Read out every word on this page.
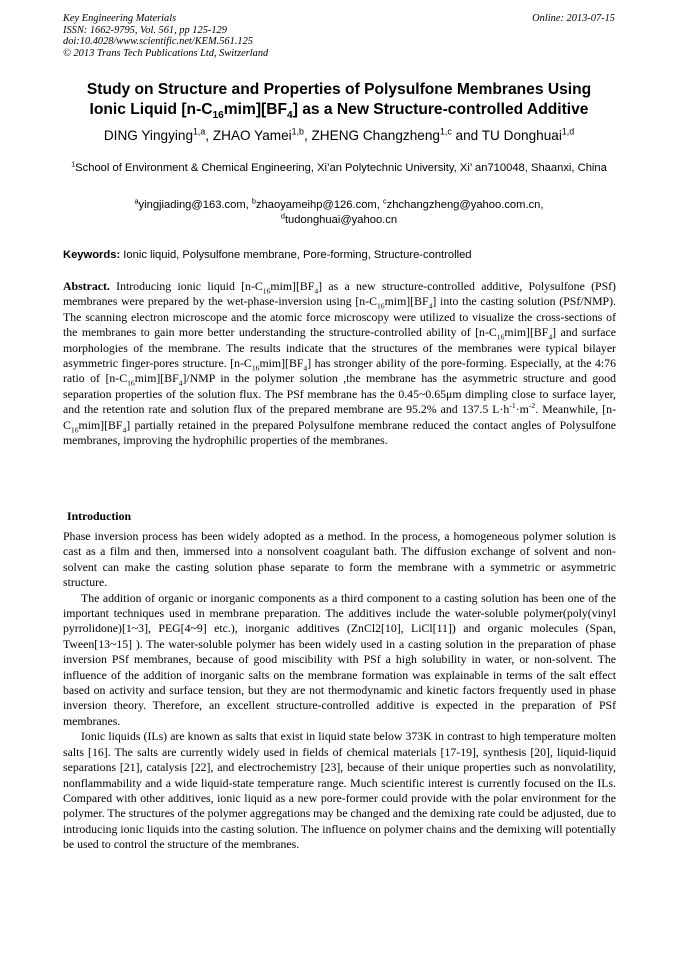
Key Engineering Materials
ISSN: 1662-9795, Vol. 561, pp 125-129
doi:10.4028/www.scientific.net/KEM.561.125
© 2013 Trans Tech Publications Ltd, Switzerland
Online: 2013-07-15
Study on Structure and Properties of Polysulfone Membranes Using
Ionic Liquid $[n-C_{16}mim][BF_4]$ as a New Structure-controlled Additive
DING Yingying$^{1,a}$, ZHAO Yamei$^{1,b}$, ZHENG Changzheng$^{1,c}$ and TU Donghuai$^{1,d}$
$^1$School of Environment & Chemical Engineering, Xi’an Polytechnic University, Xi’ an710048, Shaanxi, China
$^a$yingjiading@163.com, $^b$zhaoyameihp@126.com, $^c$zhchangzheng@yahoo.com.cn,
$^d$tudonghuai@yahoo.cn
Keywords: Ionic liquid, Polysulfone membrane, Pore-forming, Structure-controlled
Abstract. Introducing ionic liquid $[n-C_{16}mim][BF_4]$ as a new structure-controlled additive, Polysulfone (PSf) membranes were prepared by the wet-phase-inversion using $[n-C_{16}mim][BF_4]$ into the casting solution (PSf/NMP). The scanning electron microscope and the atomic force microscopy were utilized to visualize the cross-sections of the membranes to gain more better understanding the structure-controlled ability of $[n-C_{16}mim][BF_4]$ and surface morphologies of the membrane. The results indicate that the structures of the membranes were typical bilayer asymmetric finger-pores structure. $[n-C_{16}mim][BF_4]$ has stronger ability of the pore-forming. Especially, at the 4:76 ratio of $[n-C_{16}mim][BF_4]$/NMP in the polymer solution ,the membrane has the asymmetric structure and good separation properties of the solution flux. The PSf membrane has the 0.45~0.65μm dimpling close to surface layer, and the retention rate and solution flux of the prepared membrane are 95.2% and 137.5 $L\cdot h^{-1}\cdot m^{-2}$. Meanwhile, $[n-C_{16}mim][BF_4]$ partially retained in the prepared Polysulfone membrane reduced the contact angles of Polysulfone membranes, improving the hydrophilic properties of the membranes.
Introduction

Phase inversion process has been widely adopted as a method. In the process, a homogeneous polymer solution is cast as a film and then, immersed into a nonsolvent coagulant bath. The diffusion exchange of solvent and non-solvent can make the casting solution phase separate to form the membrane with a symmetric or asymmetric structure.

The addition of organic or inorganic components as a third component to a casting solution has been one of the important techniques used in membrane preparation. The additives include the water-soluble polymer(poly(vinyl pyrrolidone)[1~3], PEG[4~9] etc.), inorganic additives (ZnCl2[10], LiCl[11]) and organic molecules (Span, Tween[13~15] ). The water-soluble polymer has been widely used in a casting solution in the preparation of phase inversion PSf membranes, because of good miscibility with PSf a high solubility in water, or non-solvent. The influence of the addition of inorganic salts on the membrane formation was explainable in terms of the salt effect based on activity and surface tension, but they are not thermodynamic and kinetic factors frequently used in phase inversion theory. Therefore, an excellent structure-controlled additive is expected in the preparation of PSf membranes.

Ionic liquids (ILs) are known as salts that exist in liquid state below 373K in contrast to high temperature molten salts [16]. The salts are currently widely used in fields of chemical materials [17-19], synthesis [20], liquid-liquid separations [21], catalysis [22], and electrochemistry [23], because of their unique properties such as nonvolatility, nonflammability and a wide liquid-state temperature range. Much scientific interest is currently focused on the ILs. Compared with other additives, ionic liquid as a new pore-former could provide with the polar environment for the polymer. The structures of the polymer aggregations may be changed and the demixing rate could be adjusted, due to introducing ionic liquids into the casting solution. The influence on polymer chains and the demixing will potentially be used to control the structure of the membranes.
